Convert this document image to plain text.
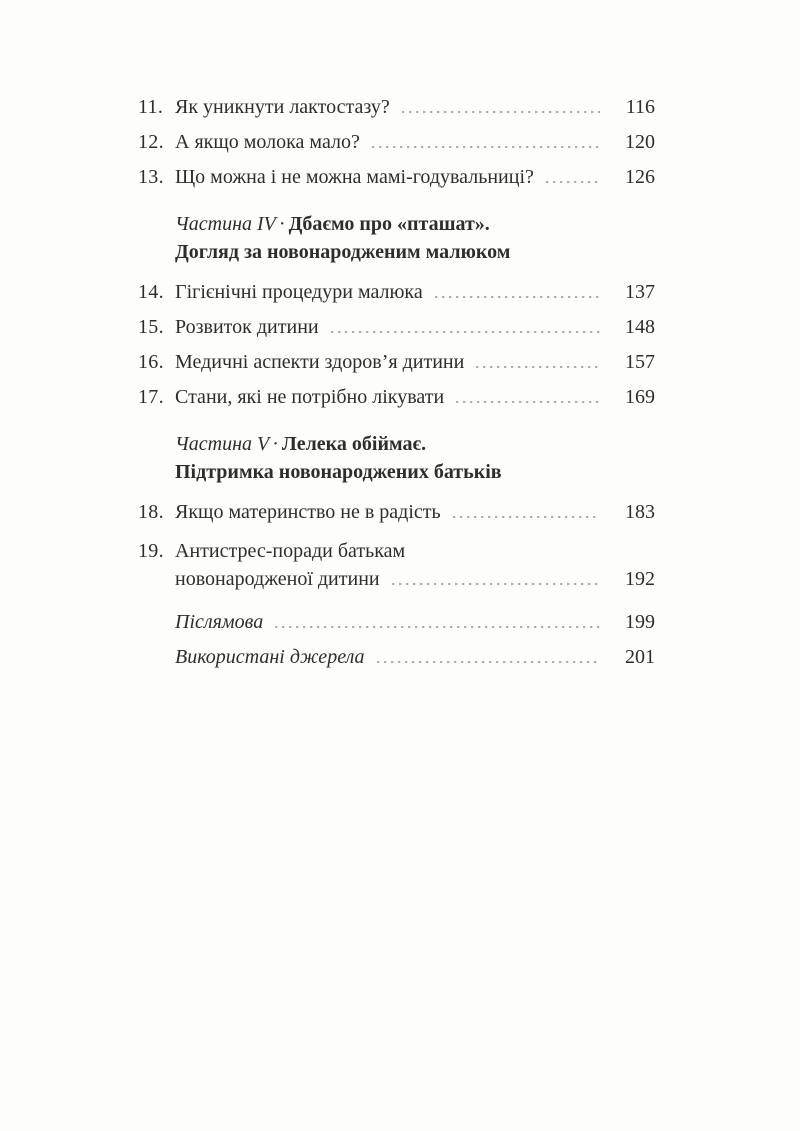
11. Як уникнути лактостазу?	116
12. А якщо молока мало?	120
13. Що можна і не можна мамі-годувальниці?	126
Частина IV · Дбаємо про «пташат».
Догляд за новонародженим малюком
14. Гігієнічні процедури малюка	137
15. Розвиток дитини	148
16. Медичні аспекти здоров’я дитини	157
17. Стани, які не потрібно лікувати	169
Частина V · Лелека обіймає.
Підтримка новонароджених батьків
18. Якщо материнство не в радість	183
19. Антистрес-поради батькам
новонародженої дитини	192
Післямова	199
Використані джерела	201
